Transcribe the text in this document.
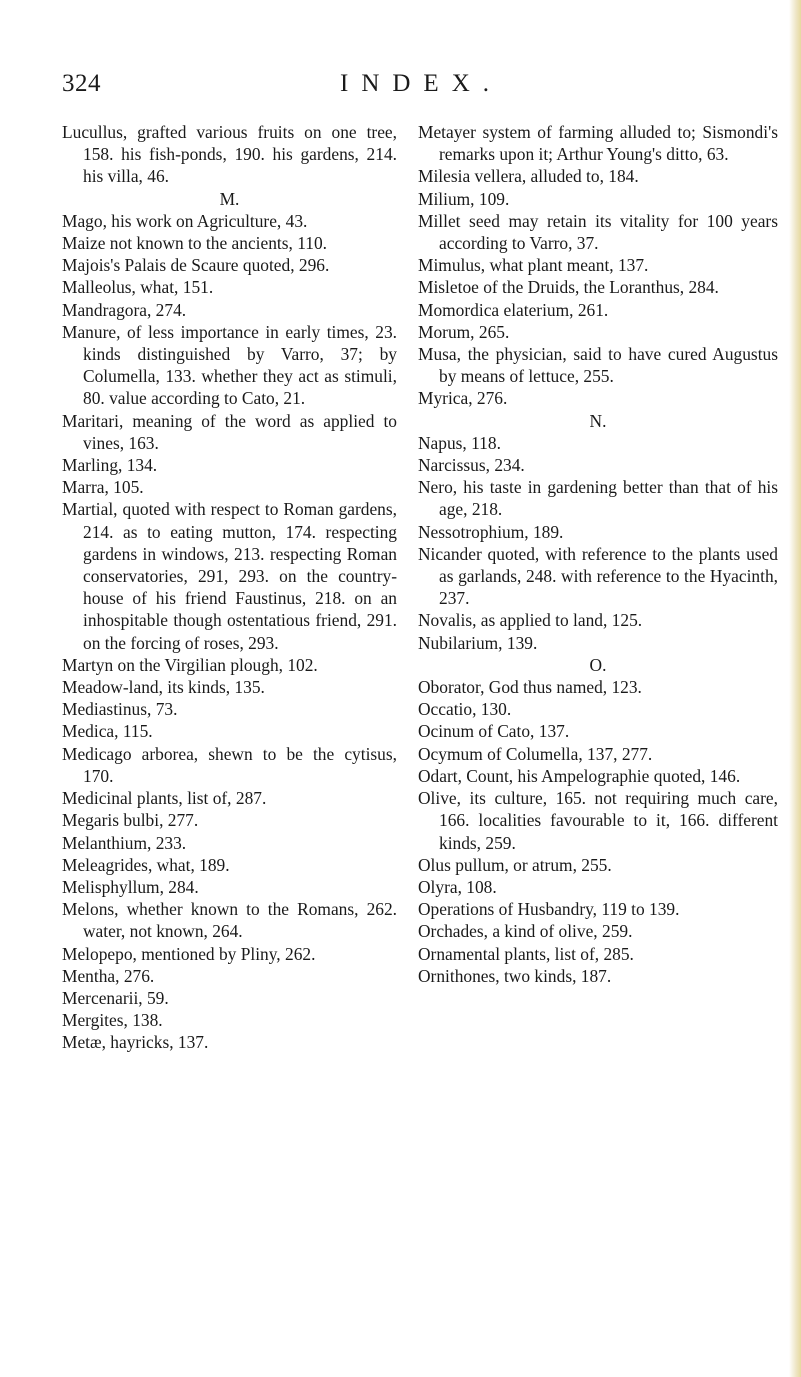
324	INDEX.
Lucullus, grafted various fruits on one tree, 158. his fish-ponds, 190. his gardens, 214. his villa, 46.
M.
Mago, his work on Agriculture, 43.
Maize not known to the ancients, 110.
Majois's Palais de Scaure quoted, 296.
Malleolus, what, 151.
Mandragora, 274.
Manure, of less importance in early times, 23. kinds distinguished by Varro, 37; by Columella, 133. whether they act as stimuli, 80. value according to Cato, 21.
Maritari, meaning of the word as applied to vines, 163.
Marling, 134.
Marra, 105.
Martial, quoted with respect to Roman gardens, 214. as to eating mutton, 174. respecting gardens in windows, 213. respecting Roman conservatories, 291, 293. on the country-house of his friend Faustinus, 218. on an inhospitable though ostentatious friend, 291. on the forcing of roses, 293.
Martyn on the Virgilian plough, 102.
Meadow-land, its kinds, 135.
Mediastinus, 73.
Medica, 115.
Medicago arborea, shewn to be the cytisus, 170.
Medicinal plants, list of, 287.
Megaris bulbi, 277.
Melanthium, 233.
Meleagrides, what, 189.
Melisphyllum, 284.
Melons, whether known to the Romans, 262. water, not known, 264.
Melopepo, mentioned by Pliny, 262.
Mentha, 276.
Mercenarii, 59.
Mergites, 138.
Metæ, hayricks, 137.
Metayer system of farming alluded to; Sismondi's remarks upon it; Arthur Young's ditto, 63.
Milesia vellera, alluded to, 184.
Milium, 109.
Millet seed may retain its vitality for 100 years according to Varro, 37.
Mimulus, what plant meant, 137.
Misletoe of the Druids, the Loranthus, 284.
Momordica elaterium, 261.
Morum, 265.
Musa, the physician, said to have cured Augustus by means of lettuce, 255.
Myrica, 276.
N.
Napus, 118.
Narcissus, 234.
Nero, his taste in gardening better than that of his age, 218.
Nessotrophium, 189.
Nicander quoted, with reference to the plants used as garlands, 248. with reference to the Hyacinth, 237.
Novalis, as applied to land, 125.
Nubilarium, 139.
O.
Oborator, God thus named, 123.
Occatio, 130.
Ocinum of Cato, 137.
Ocymum of Columella, 137, 277.
Odart, Count, his Ampelographie quoted, 146.
Olive, its culture, 165. not requiring much care, 166. localities favourable to it, 166. different kinds, 259.
Olus pullum, or atrum, 255.
Olyra, 108.
Operations of Husbandry, 119 to 139.
Orchades, a kind of olive, 259.
Ornamental plants, list of, 285.
Ornithones, two kinds, 187.
